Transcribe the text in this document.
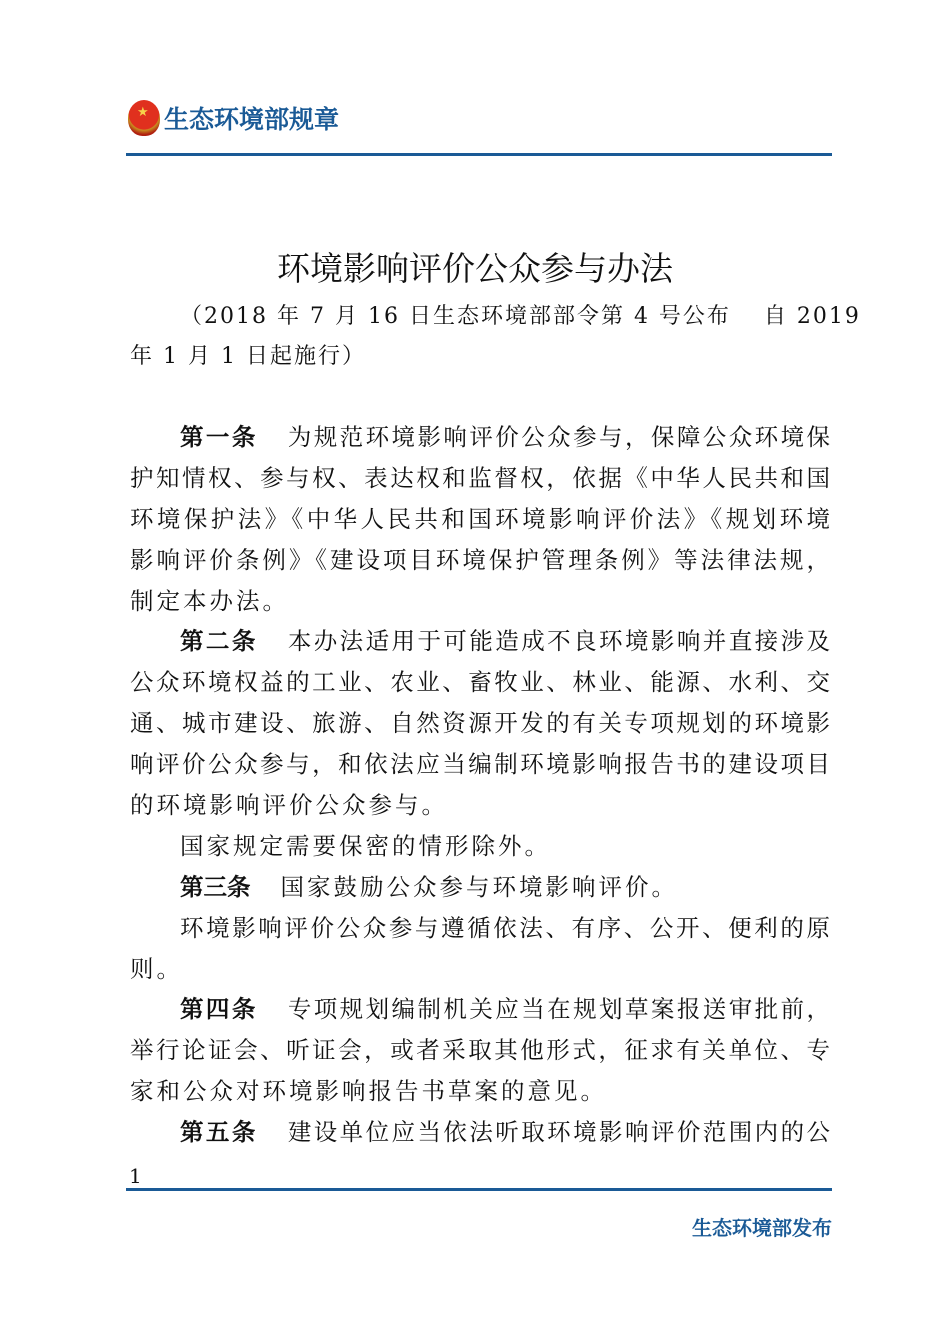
★
生态环境部规章
环境影响评价公众参与办法
（2018 年 7 月 16 日生态环境部部令第 4 号公布　 自 2019
年 1 月 1 日起施行）
第一条 为规范环境影响评价公众参与，保障公众环境保
护知情权、参与权、表达权和监督权，依据《中华人民共和国
环境保护法》《中华人民共和国环境影响评价法》《规划环境
影响评价条例》《建设项目环境保护管理条例》等法律法规，
制定本办法。
第二条 本办法适用于可能造成不良环境影响并直接涉及
公众环境权益的工业、农业、畜牧业、林业、能源、水利、交
通、城市建设、旅游、自然资源开发的有关专项规划的环境影
响评价公众参与，和依法应当编制环境影响报告书的建设项目
的环境影响评价公众参与。
国家规定需要保密的情形除外。
第三条 国家鼓励公众参与环境影响评价。
环境影响评价公众参与遵循依法、有序、公开、便利的原
则。
第四条 专项规划编制机关应当在规划草案报送审批前，
举行论证会、听证会，或者采取其他形式，征求有关单位、专
家和公众对环境影响报告书草案的意见。
第五条 建设单位应当依法听取环境影响评价范围内的公
1
生态环境部发布
